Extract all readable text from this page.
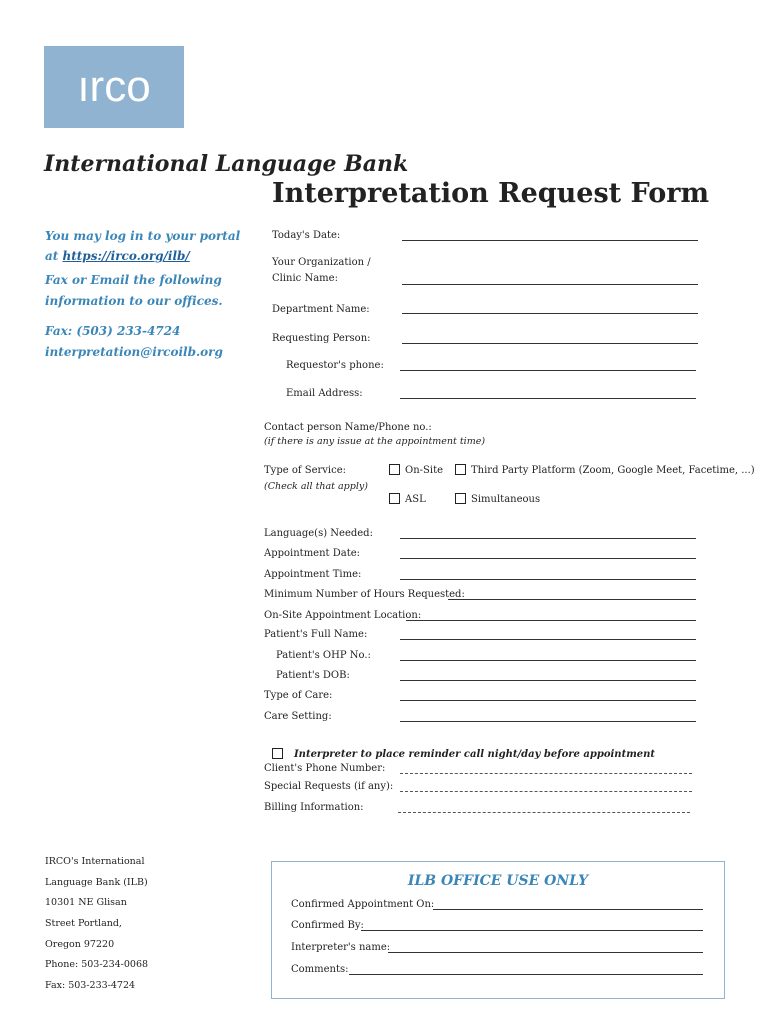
ırco
International Language Bank
Interpretation Request Form
You may log in to your portal
at https://irco.org/ilb/
Fax or Email the following
information to our offices.
Fax: (503) 233-4724
interpretation@ircoilb.org
Today's Date:
Your Organization /
Clinic Name:
Department Name:
Requesting Person:
Requestor's phone:
Email Address:
Contact person Name/Phone no.:
(if there is any issue at the appointment time)
Type of Service:
(Check all that apply)
On-Site	Third Party Platform (Zoom, Google Meet, Facetime, ...)
ASL	Simultaneous
Language(s) Needed:
Appointment Date:
Appointment Time:
Minimum Number of Hours Requested:
On-Site Appointment Location:
Patient's Full Name:
Patient's OHP No.:
Patient's DOB:
Type of Care:
Care Setting:
Interpreter to place reminder call night/day before appointment
Client's Phone Number:
Special Requests (if any):
Billing Information:
IRCO's International
Language Bank (ILB)
10301 NE Glisan
Street Portland,
Oregon 97220
Phone: 503-234-0068
Fax: 503-233-4724
ILB OFFICE USE ONLY
Confirmed Appointment On:
Confirmed By:
Interpreter's name:
Comments:
